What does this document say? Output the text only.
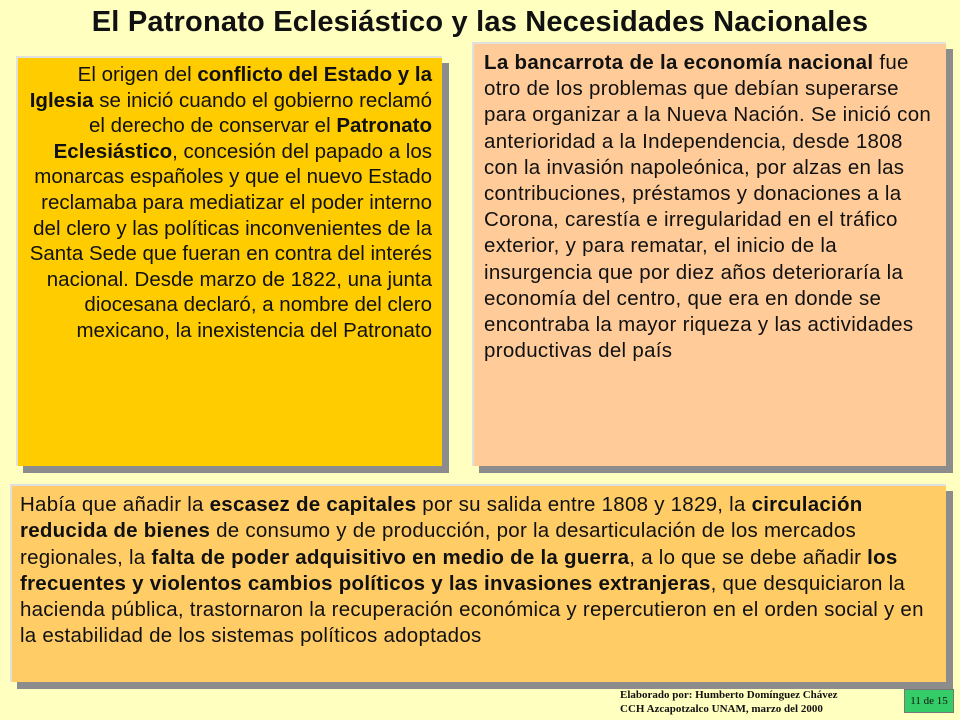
El Patronato Eclesiástico y las Necesidades Nacionales

El origen del conflicto del Estado y la Iglesia se inició cuando el gobierno reclamó el derecho de conservar el Patronato Eclesiástico, concesión del papado a los monarcas españoles y que el nuevo Estado reclamaba para mediatizar el poder interno del clero y las políticas inconvenientes de la Santa Sede que fueran en contra del interés nacional. Desde marzo de 1822, una junta diocesana declaró, a nombre del clero mexicano, la inexistencia del Patronato

La bancarrota de la economía nacional fue otro de los problemas que debían superarse para organizar a la Nueva Nación. Se inició con anterioridad a la Independencia, desde 1808 con la invasión napoleónica, por alzas en las contribuciones, préstamos y donaciones a la Corona, carestía e irregularidad en el tráfico exterior, y para rematar, el inicio de la insurgencia que por diez años deterioraría la economía del centro, que era en donde se encontraba la mayor riqueza y las actividades productivas del país

Había que añadir la escasez de capitales por su salida entre 1808 y 1829, la circulación reducida de bienes de consumo y de producción, por la desarticulación de los mercados regionales, la falta de poder adquisitivo en medio de la guerra, a lo que se debe añadir los frecuentes y violentos cambios políticos y las invasiones extranjeras, que desquiciaron la hacienda pública, trastornaron la recuperación económica y repercutieron en el orden social y en la estabilidad de los sistemas políticos adoptados

Elaborado por: Humberto Domínguez Chávez
CCH Azcapotzalco UNAM, marzo del 2000
11 de 15
